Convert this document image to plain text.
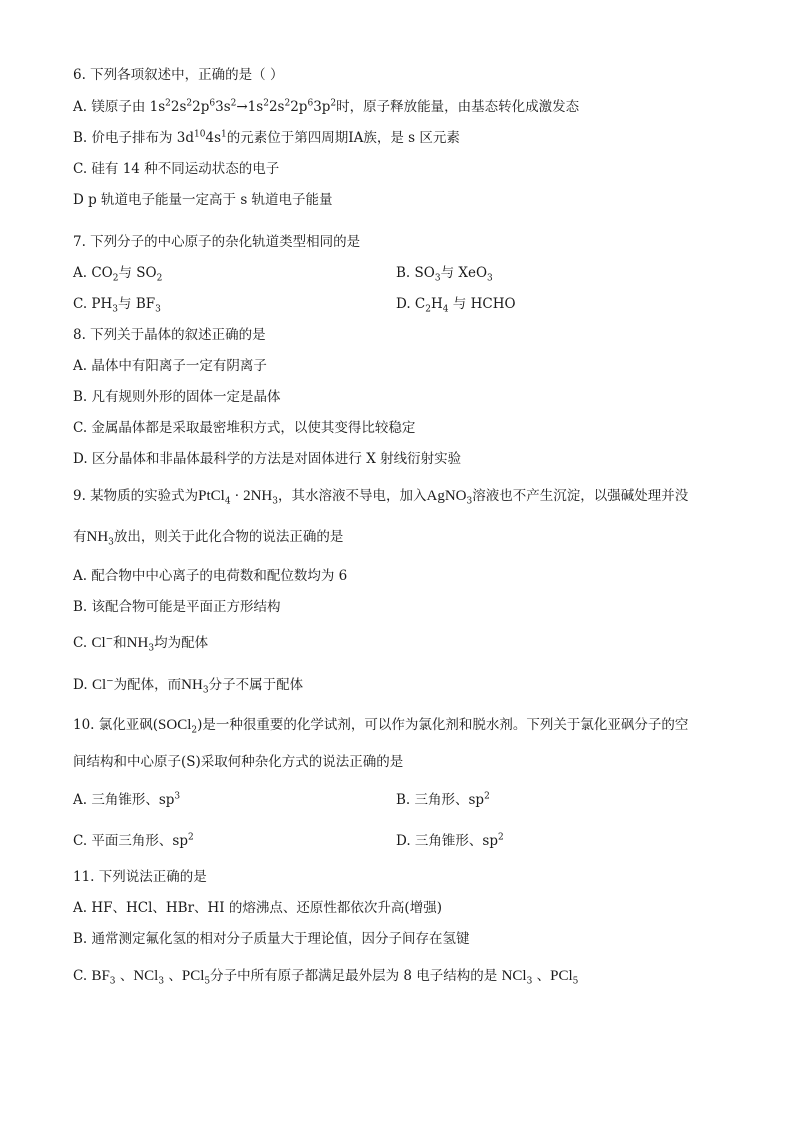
6. 下列各项叙述中，正确的是（ ）
A. 镁原子由 $1s^22s^22p^63s^2\to 1s^22s^22p^63p^2$时，原子释放能量，由基态转化成激发态
B. 价电子排布为 $3d^{10}4s^1$的元素位于第四周期ⅠA族，是 s 区元素
C. 硅有 14 种不同运动状态的电子
D p 轨道电子能量一定高于 s 轨道电子能量
7. 下列分子的中心原子的杂化轨道类型相同的是
A. $CO_2$与 $SO_2$	B. $SO_3$与 XeO$_3$
C. $PH_3$与 $BF_3$	D. $C_2H_4$ 与 HCHO
8. 下列关于晶体的叙述正确的是
A. 晶体中有阳离子一定有阴离子
B. 凡有规则外形的固体一定是晶体
C. 金属晶体都是采取最密堆积方式，以使其变得比较稳定
D. 区分晶体和非晶体最科学的方法是对固体进行 X 射线衍射实验
9. 某物质的实验式为PtCl$_4$ · $2NH_3$，其水溶液不导电，加入AgNO$_3$溶液也不产生沉淀，以强碱处理并没
有$NH_3$放出，则关于此化合物的说法正确的是
A. 配合物中中心离子的电荷数和配位数均为 6
B. 该配合物可能是平面正方形结构
C. Cl−和$NH_3$均为配体
D. Cl−为配体，而$NH_3$分子不属于配体
10. 氯化亚砜(SOCl$_2$)是一种很重要的化学试剂，可以作为氯化剂和脱水剂。下列关于氯化亚砜分子的空
间结构和中心原子(S)采取何种杂化方式的说法正确的是
A. 三角锥形、$sp^3$	B. 三角形、$sp^2$
C. 平面三角形、$sp^2$	D. 三角锥形、$sp^2$
11. 下列说法正确的是
A. HF、HCl、HBr、HI 的熔沸点、还原性都依次升高(增强)
B. 通常测定氟化氢的相对分子质量大于理论值，因分子间存在氢键
C. $BF_3$ 、NCl$_3$ 、PCl$_5$分子中所有原子都满足最外层为 8 电子结构的是 NCl$_3$ 、PCl$_5$
